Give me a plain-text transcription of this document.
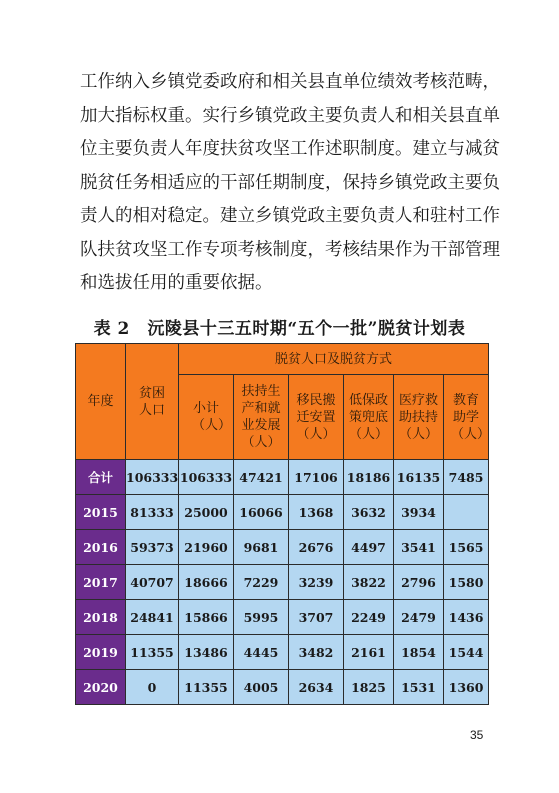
工作纳入乡镇党委政府和相关县直单位绩效考核范畴，
加大指标权重。实行乡镇党政主要负责人和相关县直单
位主要负责人年度扶贫攻坚工作述职制度。建立与减贫
脱贫任务相适应的干部任期制度，保持乡镇党政主要负
责人的相对稳定。建立乡镇党政主要负责人和驻村工作
队扶贫攻坚工作专项考核制度，考核结果作为干部管理
和选拔任用的重要依据。
表 2　沅陵县十三五时期“五个一批”脱贫计划表
年度	贫困人口	脱贫人口及脱贫方式					

		小计（人）	扶持生产和就业发展（人）	移民搬迁安置（人）	低保政策兜底（人）	医疗救助扶持（人）	教育助学（人）

合计	106333	106333	47421	17106	18186	16135	7485
2015	81333	25000	16066	1368	3632	3934	
2016	59373	21960	9681	2676	4497	3541	1565
2017	40707	18666	7229	3239	3822	2796	1580
2018	24841	15866	5995	3707	2249	2479	1436
2019	11355	13486	4445	3482	2161	1854	1544
2020	0	11355	4005	2634	1825	1531	1360
35
